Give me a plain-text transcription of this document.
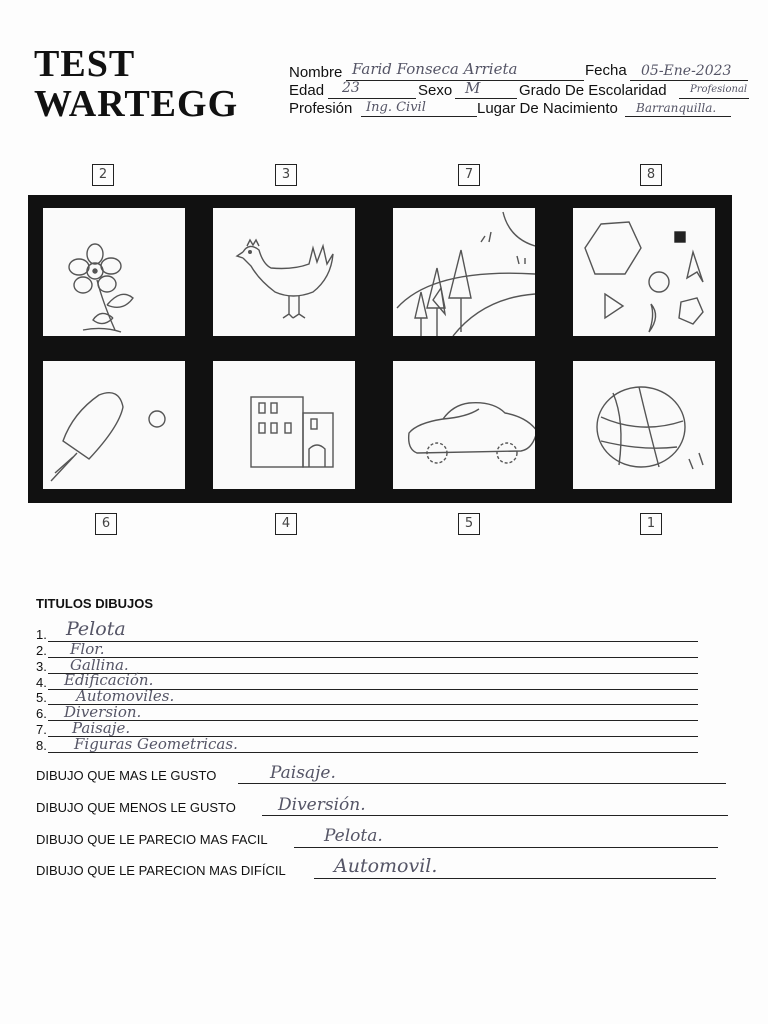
TEST
WARTEGG
Nombre Farid Fonseca Arrieta	Fecha 05-Ene-2023
Edad 23	Sexo M	Grado De Escolaridad Profesional
Profesión Ing. Civil	Lugar De Nacimiento Barranquilla.
2	3	7	8
6	4	5	1
TITULOS DIBUJOS
1. Pelota
2. Flor.
3. Gallina.
4. Edificación.
5. Automoviles.
6. Diversion.
7. Paisaje.
8. Figuras Geometricas.
DIBUJO QUE MAS LE GUSTO	Paisaje.
DIBUJO QUE MENOS LE GUSTO Diversión.
DIBUJO QUE LE PARECIO MAS FACIL	Pelota.
DIBUJO QUE LE PARECION MAS DIFÍCIL	Automovil.
